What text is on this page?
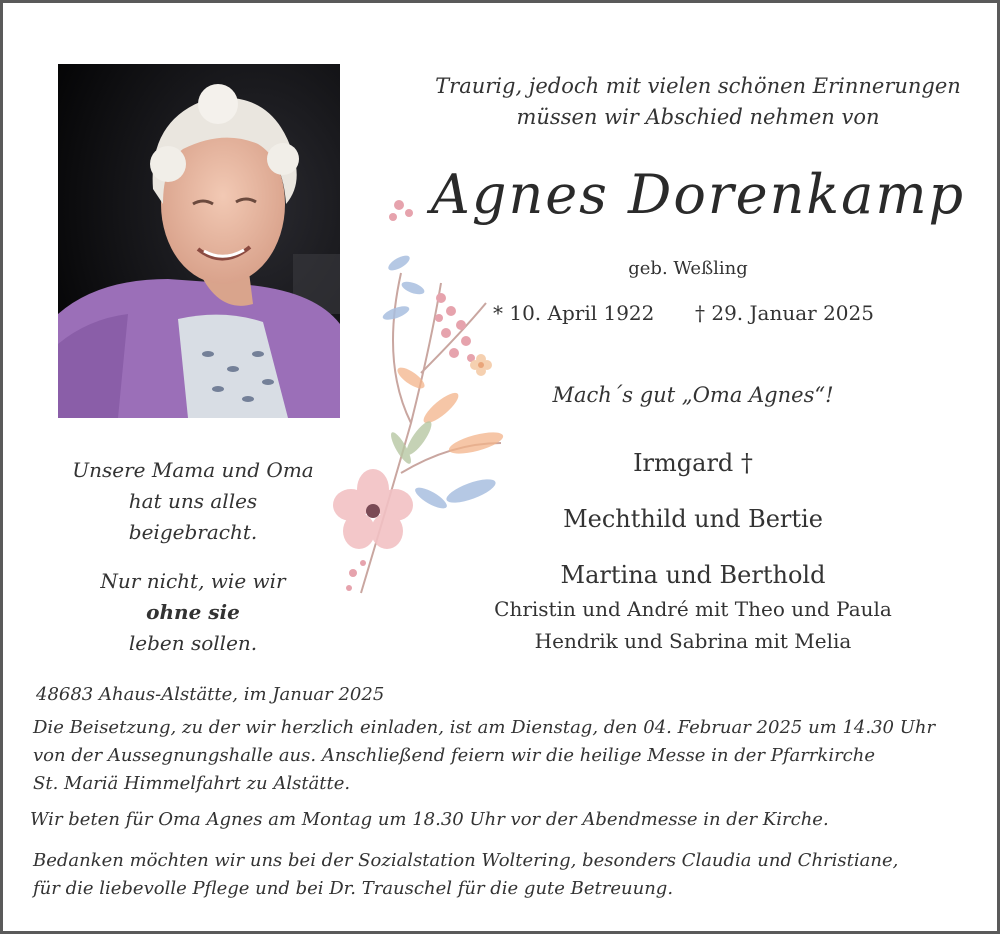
Traurig, jedoch mit vielen schönen Erinnerungen
müssen wir Abschied nehmen von
Agnes Dorenkamp
geb. Weßling
* 10. April 1922 † 29. Januar 2025
Mach´s gut „Oma Agnes“!
Irmgard †
Mechthild und Bertie
Martina und Berthold
Christin und André mit Theo und Paula
Hendrik und Sabrina mit Melia
Unsere Mama und Oma
hat uns alles
beigebracht.
Nur nicht, wie wir
ohne sie
leben sollen.
48683 Ahaus-Alstätte, im Januar 2025
Die Beisetzung, zu der wir herzlich einladen, ist am Dienstag, den 04. Februar 2025 um 14.30 Uhr
von der Aussegnungshalle aus. Anschließend feiern wir die heilige Messe in der Pfarrkirche
St. Mariä Himmelfahrt zu Alstätte.
Wir beten für Oma Agnes am Montag um 18.30 Uhr vor der Abendmesse in der Kirche.
Bedanken möchten wir uns bei der Sozialstation Woltering, besonders Claudia und Christiane,
für die liebevolle Pflege und bei Dr. Trauschel für die gute Betreuung.
